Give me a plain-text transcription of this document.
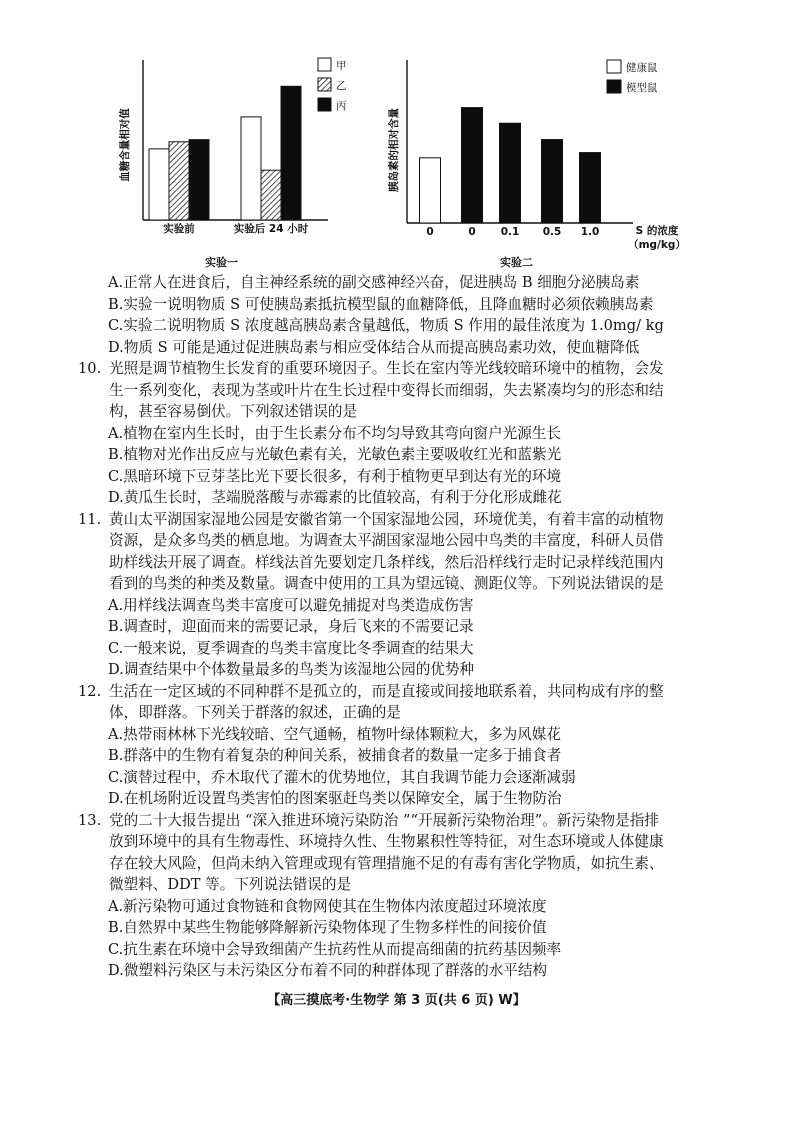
血糖含量相对值
实验前	实验后 24 小时
甲
乙
丙
实验一
胰岛素的相对含量
S 的浓度
（mg/kg）
0	0 0.1 0.5 1.0
健康鼠
模型鼠
实验二
A.正常人在进食后，自主神经系统的副交感神经兴奋，促进胰岛 B 细胞分泌胰岛素
B.实验一说明物质 S 可使胰岛素抵抗模型鼠的血糖降低，且降血糖时必须依赖胰岛素
C.实验二说明物质 S 浓度越高胰岛素含量越低，物质 S 作用的最佳浓度为 1.0mg/ kg
D.物质 S 可能是通过促进胰岛素与相应受体结合从而提高胰岛素功效，使血糖降低
10. 光照是调节植物生长发育的重要环境因子。生长在室内等光线较暗环境中的植物，会发
生一系列变化，表现为茎或叶片在生长过程中变得长而细弱，失去紧凑均匀的形态和结
构，甚至容易倒伏。下列叙述错误的是
A.植物在室内生长时，由于生长素分布不均匀导致其弯向窗户光源生长
B.植物对光作出反应与光敏色素有关，光敏色素主要吸收红光和蓝紫光
C.黑暗环境下豆芽茎比光下要长很多，有利于植物更早到达有光的环境
D.黄瓜生长时，茎端脱落酸与赤霉素的比值较高，有利于分化形成雌花
11. 黄山太平湖国家湿地公园是安徽省第一个国家湿地公园，环境优美，有着丰富的动植物
资源，是众多鸟类的栖息地。为调查太平湖国家湿地公园中鸟类的丰富度，科研人员借
助样线法开展了调查。样线法首先要划定几条样线，然后沿样线行走时记录样线范围内
看到的鸟类的种类及数量。调查中使用的工具为望远镜、测距仪等。下列说法错误的是
A.用样线法调查鸟类丰富度可以避免捕捉对鸟类造成伤害
B.调查时，迎面而来的需要记录，身后飞来的不需要记录
C.一般来说，夏季调查的鸟类丰富度比冬季调查的结果大
D.调查结果中个体数量最多的鸟类为该湿地公园的优势种
12. 生活在一定区域的不同种群不是孤立的，而是直接或间接地联系着，共同构成有序的整
体，即群落。下列关于群落的叙述，正确的是
A.热带雨林林下光线较暗、空气通畅，植物叶绿体颗粒大，多为风媒花
B.群落中的生物有着复杂的种间关系，被捕食者的数量一定多于捕食者
C.演替过程中，乔木取代了灌木的优势地位，其自我调节能力会逐渐减弱
D.在机场附近设置鸟类害怕的图案驱赶鸟类以保障安全，属于生物防治
13. 党的二十大报告提出 “深入推进环境污染防治 ”“开展新污染物治理”。新污染物是指排
放到环境中的具有生物毒性、环境持久性、生物累积性等特征，对生态环境或人体健康
存在较大风险，但尚未纳入管理或现有管理措施不足的有毒有害化学物质，如抗生素、
微塑料、DDT 等。下列说法错误的是
A.新污染物可通过食物链和食物网使其在生物体内浓度超过环境浓度
B.自然界中某些生物能够降解新污染物体现了生物多样性的间接价值
C.抗生素在环境中会导致细菌产生抗药性从而提高细菌的抗药基因频率
D.微塑料污染区与未污染区分布着不同的种群体现了群落的水平结构
【高三摸底考·生物学 第 3 页(共 6 页) W】
